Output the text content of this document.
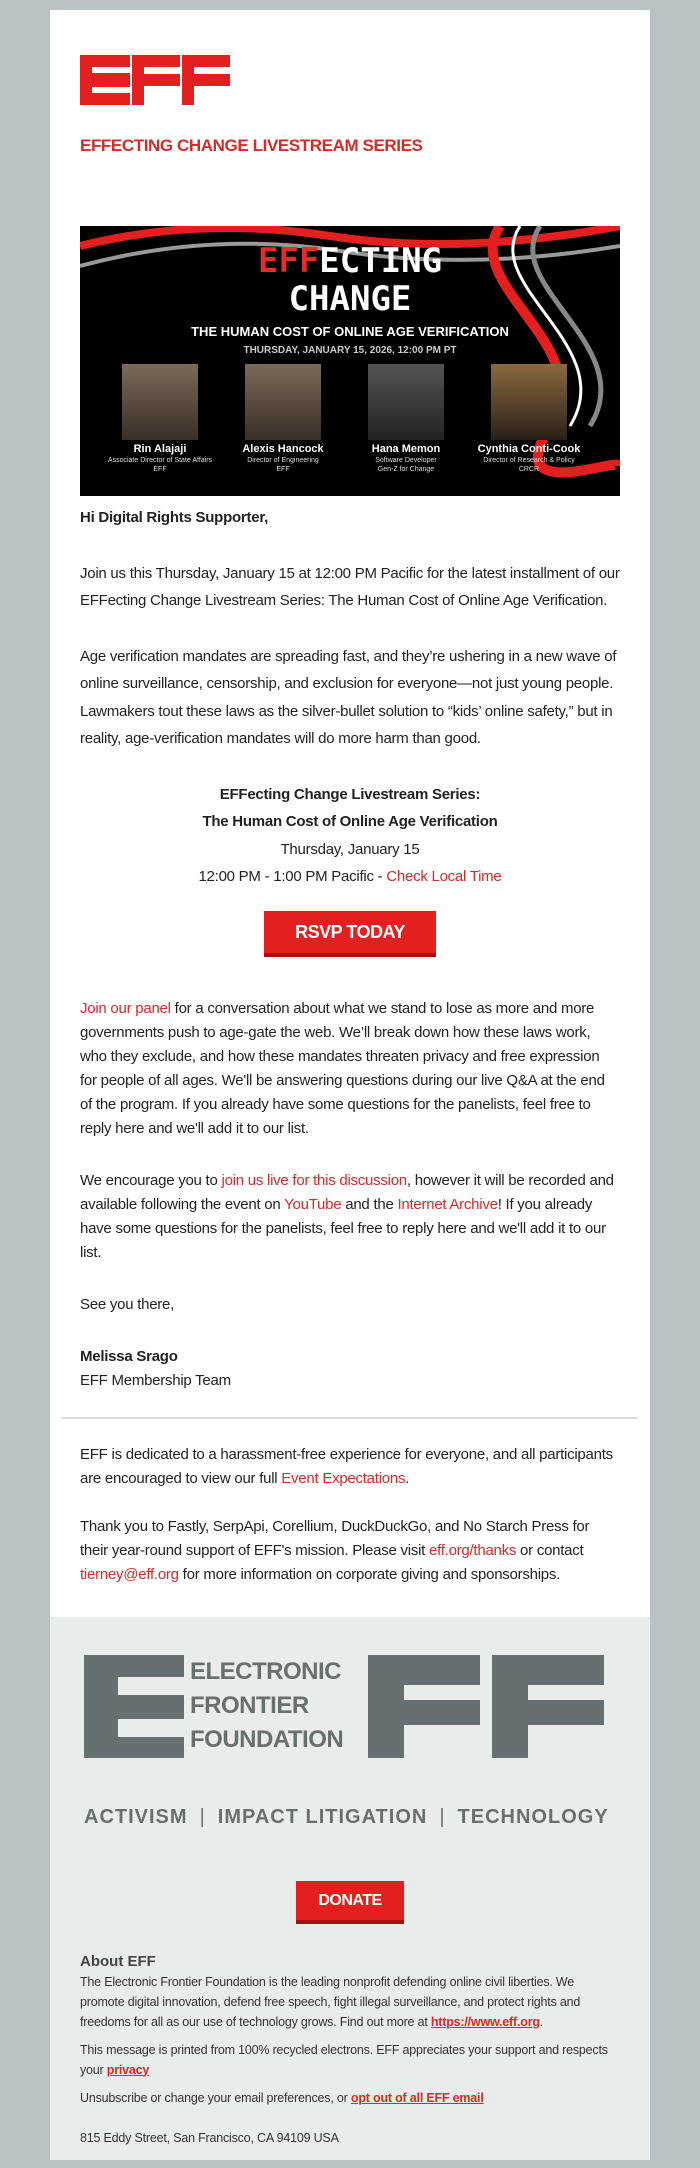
EFFECTING CHANGE LIVESTREAM SERIES
EFFECTING
CHANGE
THE HUMAN COST OF ONLINE AGE VERIFICATION
THURSDAY, JANUARY 15, 2026, 12:00 PM PT
Rin Alajaji
Associate Director of State Affairs
EFF
Alexis Hancock
Director of Engineering
EFF
Hana Memon
Software Developer
Gen-Z for Change
Cynthia Conti-Cook
Director of Research & Policy
CRCR
Hi Digital Rights Supporter,
Join us this Thursday, January 15 at 12:00 PM Pacific for the latest installment of our EFFecting Change Livestream Series: The Human Cost of Online Age Verification.
Age verification mandates are spreading fast, and they’re ushering in a new wave of online surveillance, censorship, and exclusion for everyone—not just young people. Lawmakers tout these laws as the silver-bullet solution to “kids’ online safety,” but in reality, age-verification mandates will do more harm than good.
EFFecting Change Livestream Series:
The Human Cost of Online Age Verification
Thursday, January 15
12:00 PM - 1:00 PM Pacific - Check Local Time
RSVP TODAY
Join our panel for a conversation about what we stand to lose as more and more governments push to age-gate the web. We’ll break down how these laws work, who they exclude, and how these mandates threaten privacy and free expression for people of all ages. We'll be answering questions during our live Q&A at the end of the program. If you already have some questions for the panelists, feel free to reply here and we'll add it to our list.
We encourage you to join us live for this discussion, however it will be recorded and available following the event on YouTube and the Internet Archive! If you already have some questions for the panelists, feel free to reply here and we'll add it to our list.
See you there,
Melissa Srago
EFF Membership Team
EFF is dedicated to a harassment-free experience for everyone, and all participants are encouraged to view our full Event Expectations.
Thank you to Fastly, SerpApi, Corellium, DuckDuckGo, and No Starch Press for their year-round support of EFF's mission. Please visit eff.org/thanks or contact tierney@eff.org for more information on corporate giving and sponsorships.
ELECTRONIC
FRONTIER
FOUNDATION
ACTIVISM | IMPACT LITIGATION | TECHNOLOGY
DONATE
About EFF
The Electronic Frontier Foundation is the leading nonprofit defending online civil liberties. We promote digital innovation, defend free speech, fight illegal surveillance, and protect rights and freedoms for all as our use of technology grows. Find out more at https://www.eff.org.
This message is printed from 100% recycled electrons. EFF appreciates your support and respects your privacy
Unsubscribe or change your email preferences, or opt out of all EFF email
815 Eddy Street, San Francisco, CA 94109 USA
